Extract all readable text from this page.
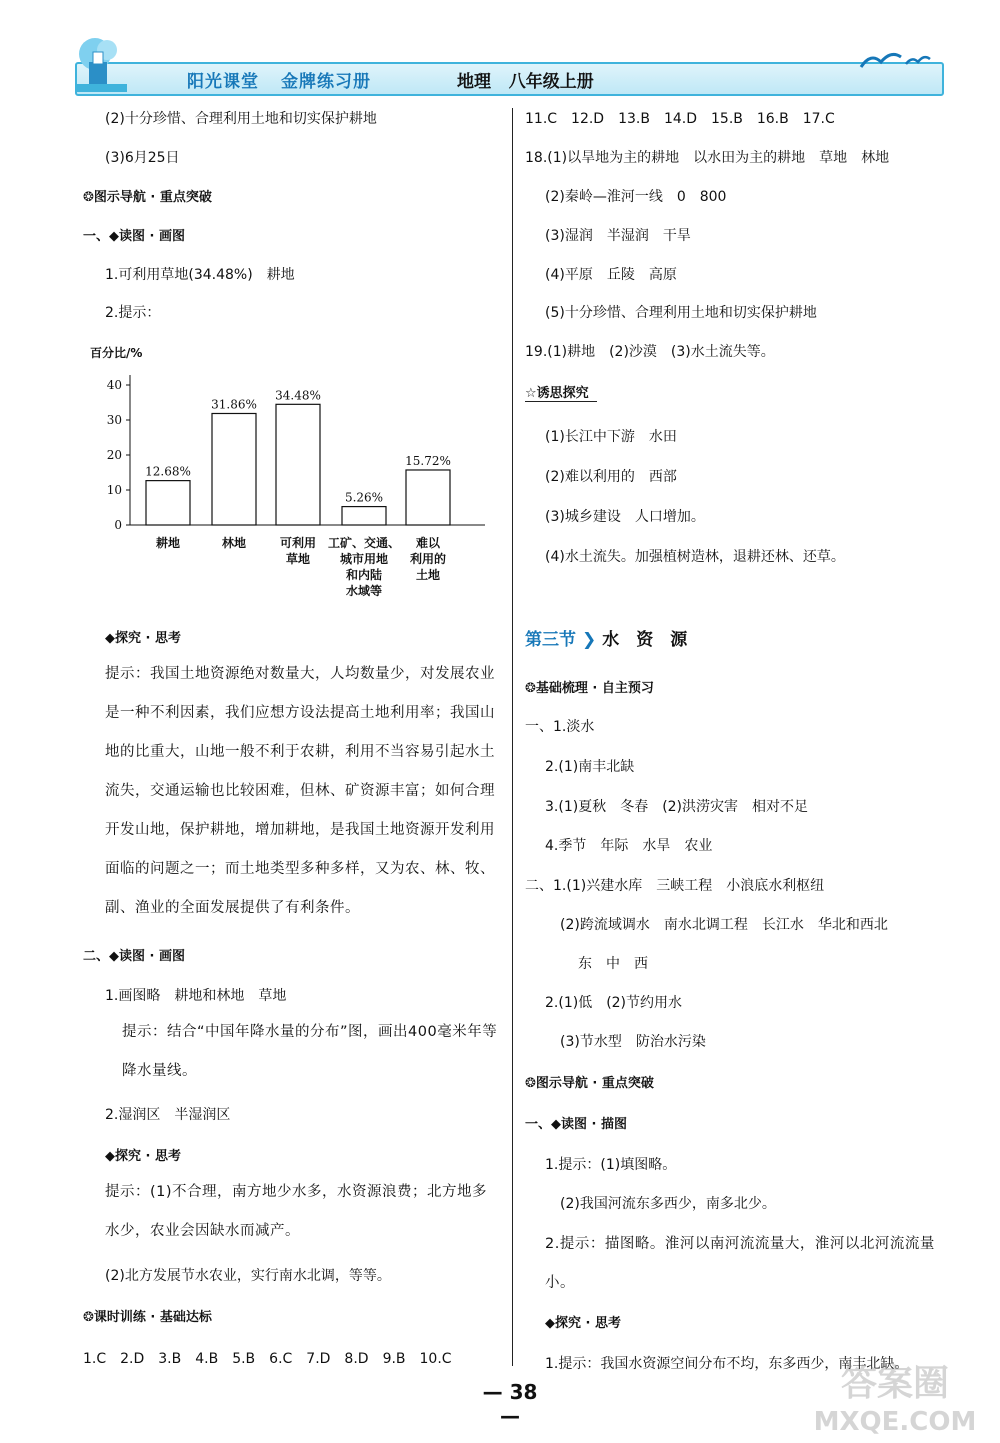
阳光课堂 金牌练习册	地理 八年级上册
(2)十分珍惜、合理利用土地和切实保护耕地
(3)6月25日
❂图示导航 · 重点突破
一、◆读图 · 画图
1.可利用草地(34.48%)　耕地
2.提示：
百分比/%
0
10
20
30
40
12.68%
耕地
31.86%
林地
34.48%
可利用
草地
5.26%
工矿、交通、
城市用地
和内陆
水域等
15.72%
难以
利用的
土地
◆探究 · 思考
提示：我国土地资源绝对数量大，人均数量少，对发展农业是一种不利因素，我们应想方设法提高土地利用率；我国山地的比重大，山地一般不利于农耕，利用不当容易引起水土流失，交通运输也比较困难，但林、矿资源丰富；如何合理开发山地，保护耕地，增加耕地，是我国土地资源开发利用面临的问题之一；而土地类型多种多样，又为农、林、牧、副、渔业的全面发展提供了有利条件。
二、◆读图 · 画图
1.画图略　耕地和林地　草地
提示：结合“中国年降水量的分布”图，画出400毫米年等降水量线。
2.湿润区　半湿润区
◆探究 · 思考
提示：(1)不合理，南方地少水多，水资源浪费；北方地多水少，农业会因缺水而减产。
(2)北方发展节水农业，实行南水北调，等等。
❂课时训练 · 基础达标
1.C　2.D　3.B　4.B　5.B　6.C　7.D　8.D　9.B　10.C
11.C　12.D　13.B　14.D　15.B　16.B　17.C
18.(1)以旱地为主的耕地　以水田为主的耕地　草地　林地
(2)秦岭—淮河一线　0　800
(3)湿润　半湿润　干旱
(4)平原　丘陵　高原
(5)十分珍惜、合理利用土地和切实保护耕地
19.(1)耕地　(2)沙漠　(3)水土流失等。
☆诱思探究
(1)长江中下游　水田
(2)难以利用的　西部
(3)城乡建设　人口增加。
(4)水土流失。加强植树造林，退耕还林、还草。
第三节 ❯ 水　资　源
❂基础梳理 · 自主预习
一、1.淡水
2.(1)南丰北缺
3.(1)夏秋　冬春　(2)洪涝灾害　相对不足
4.季节　年际　水旱　农业
二、1.(1)兴建水库　三峡工程　小浪底水利枢纽
(2)跨流域调水　南水北调工程　长江水　华北和西北
东　中　西
2.(1)低　(2)节约用水
(3)节水型　防治水污染
❂图示导航 · 重点突破
一、◆读图 · 描图
1.提示：(1)填图略。
(2)我国河流东多西少，南多北少。
2.提示：描图略。淮河以南河流流量大，淮河以北河流流量小。
◆探究 · 思考
1.提示：我国水资源空间分布不均，东多西少，南丰北缺。
— 38 —
答案圈
MXQE.COM
